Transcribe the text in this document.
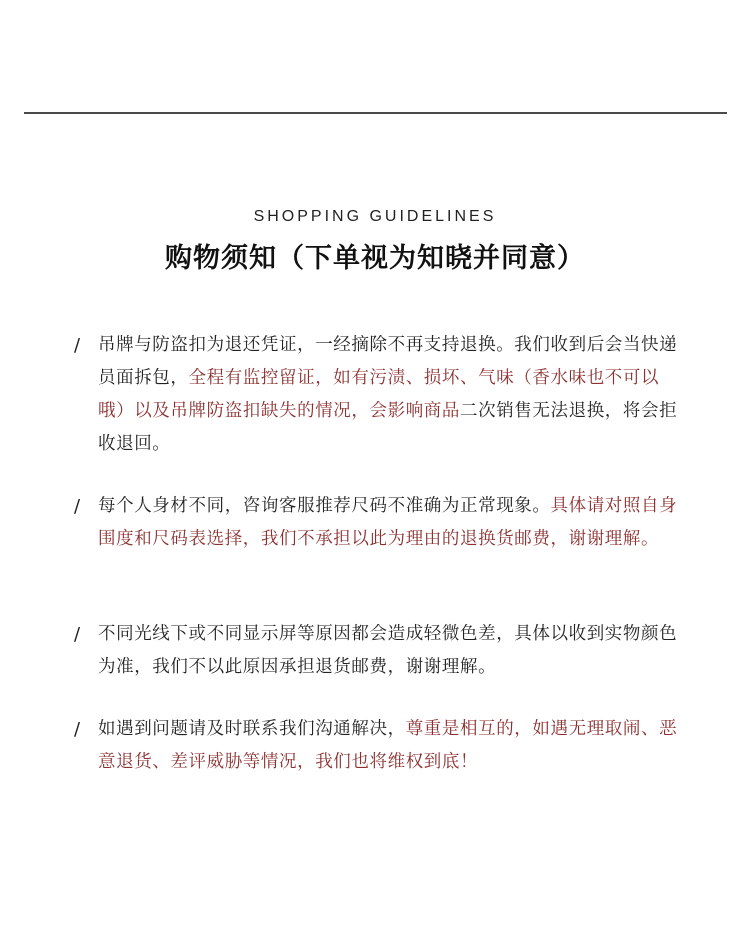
SHOPPING GUIDELINES
购物须知（下单视为知晓并同意）
/ 吊牌与防盗扣为退还凭证，一经摘除不再支持退换。我们收到后会当快递员面拆包，全程有监控留证，如有污渍、损坏、气味（香水味也不可以哦）以及吊牌防盗扣缺失的情况，会影响商品二次销售无法退换，将会拒收退回。
/ 每个人身材不同，咨询客服推荐尺码不准确为正常现象。具体请对照自身围度和尺码表选择，我们不承担以此为理由的退换货邮费，谢谢理解。
/ 不同光线下或不同显示屏等原因都会造成轻微色差，具体以收到实物颜色为准，我们不以此原因承担退货邮费，谢谢理解。
/ 如遇到问题请及时联系我们沟通解决，尊重是相互的，如遇无理取闹、恶意退货、差评威胁等情况，我们也将维权到底！
